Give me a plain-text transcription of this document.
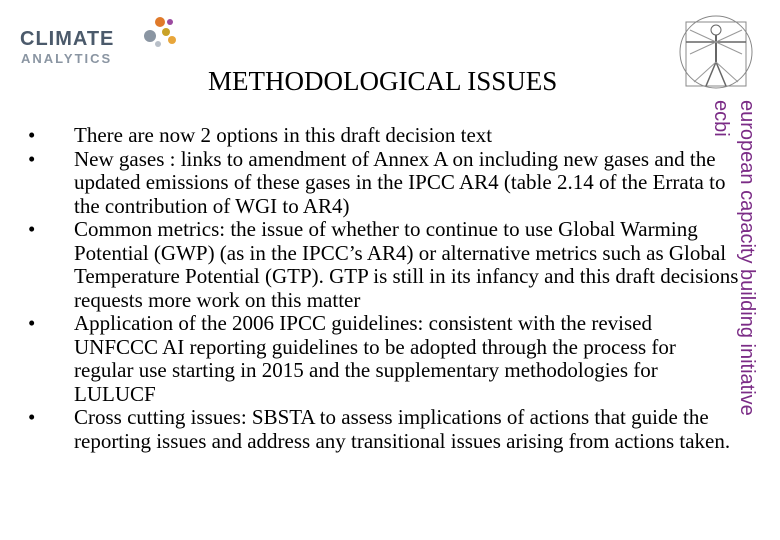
CLIMATE
ANALYTICS
METHODOLOGICAL ISSUES
european capacity building initiative
ecbi
• There are now 2 options in this draft decision text
• New gases : links to amendment of Annex A on including new gases and the updated emissions of these gases in the IPCC AR4 (table 2.14 of the Errata to the contribution of WGI to AR4)
• Common metrics: the issue of whether to continue to use Global Warming Potential (GWP) (as in the IPCC’s AR4) or alternative metrics such as Global Temperature Potential (GTP). GTP is still in its infancy and this draft decisions requests more work on this matter
• Application of the 2006 IPCC guidelines: consistent with the revised UNFCCC AI reporting guidelines to be adopted through the process for regular use starting in 2015 and the supplementary methodologies for LULUCF
• Cross cutting issues: SBSTA to assess implications of actions that guide the reporting issues and address any transitional issues arising from actions taken.
